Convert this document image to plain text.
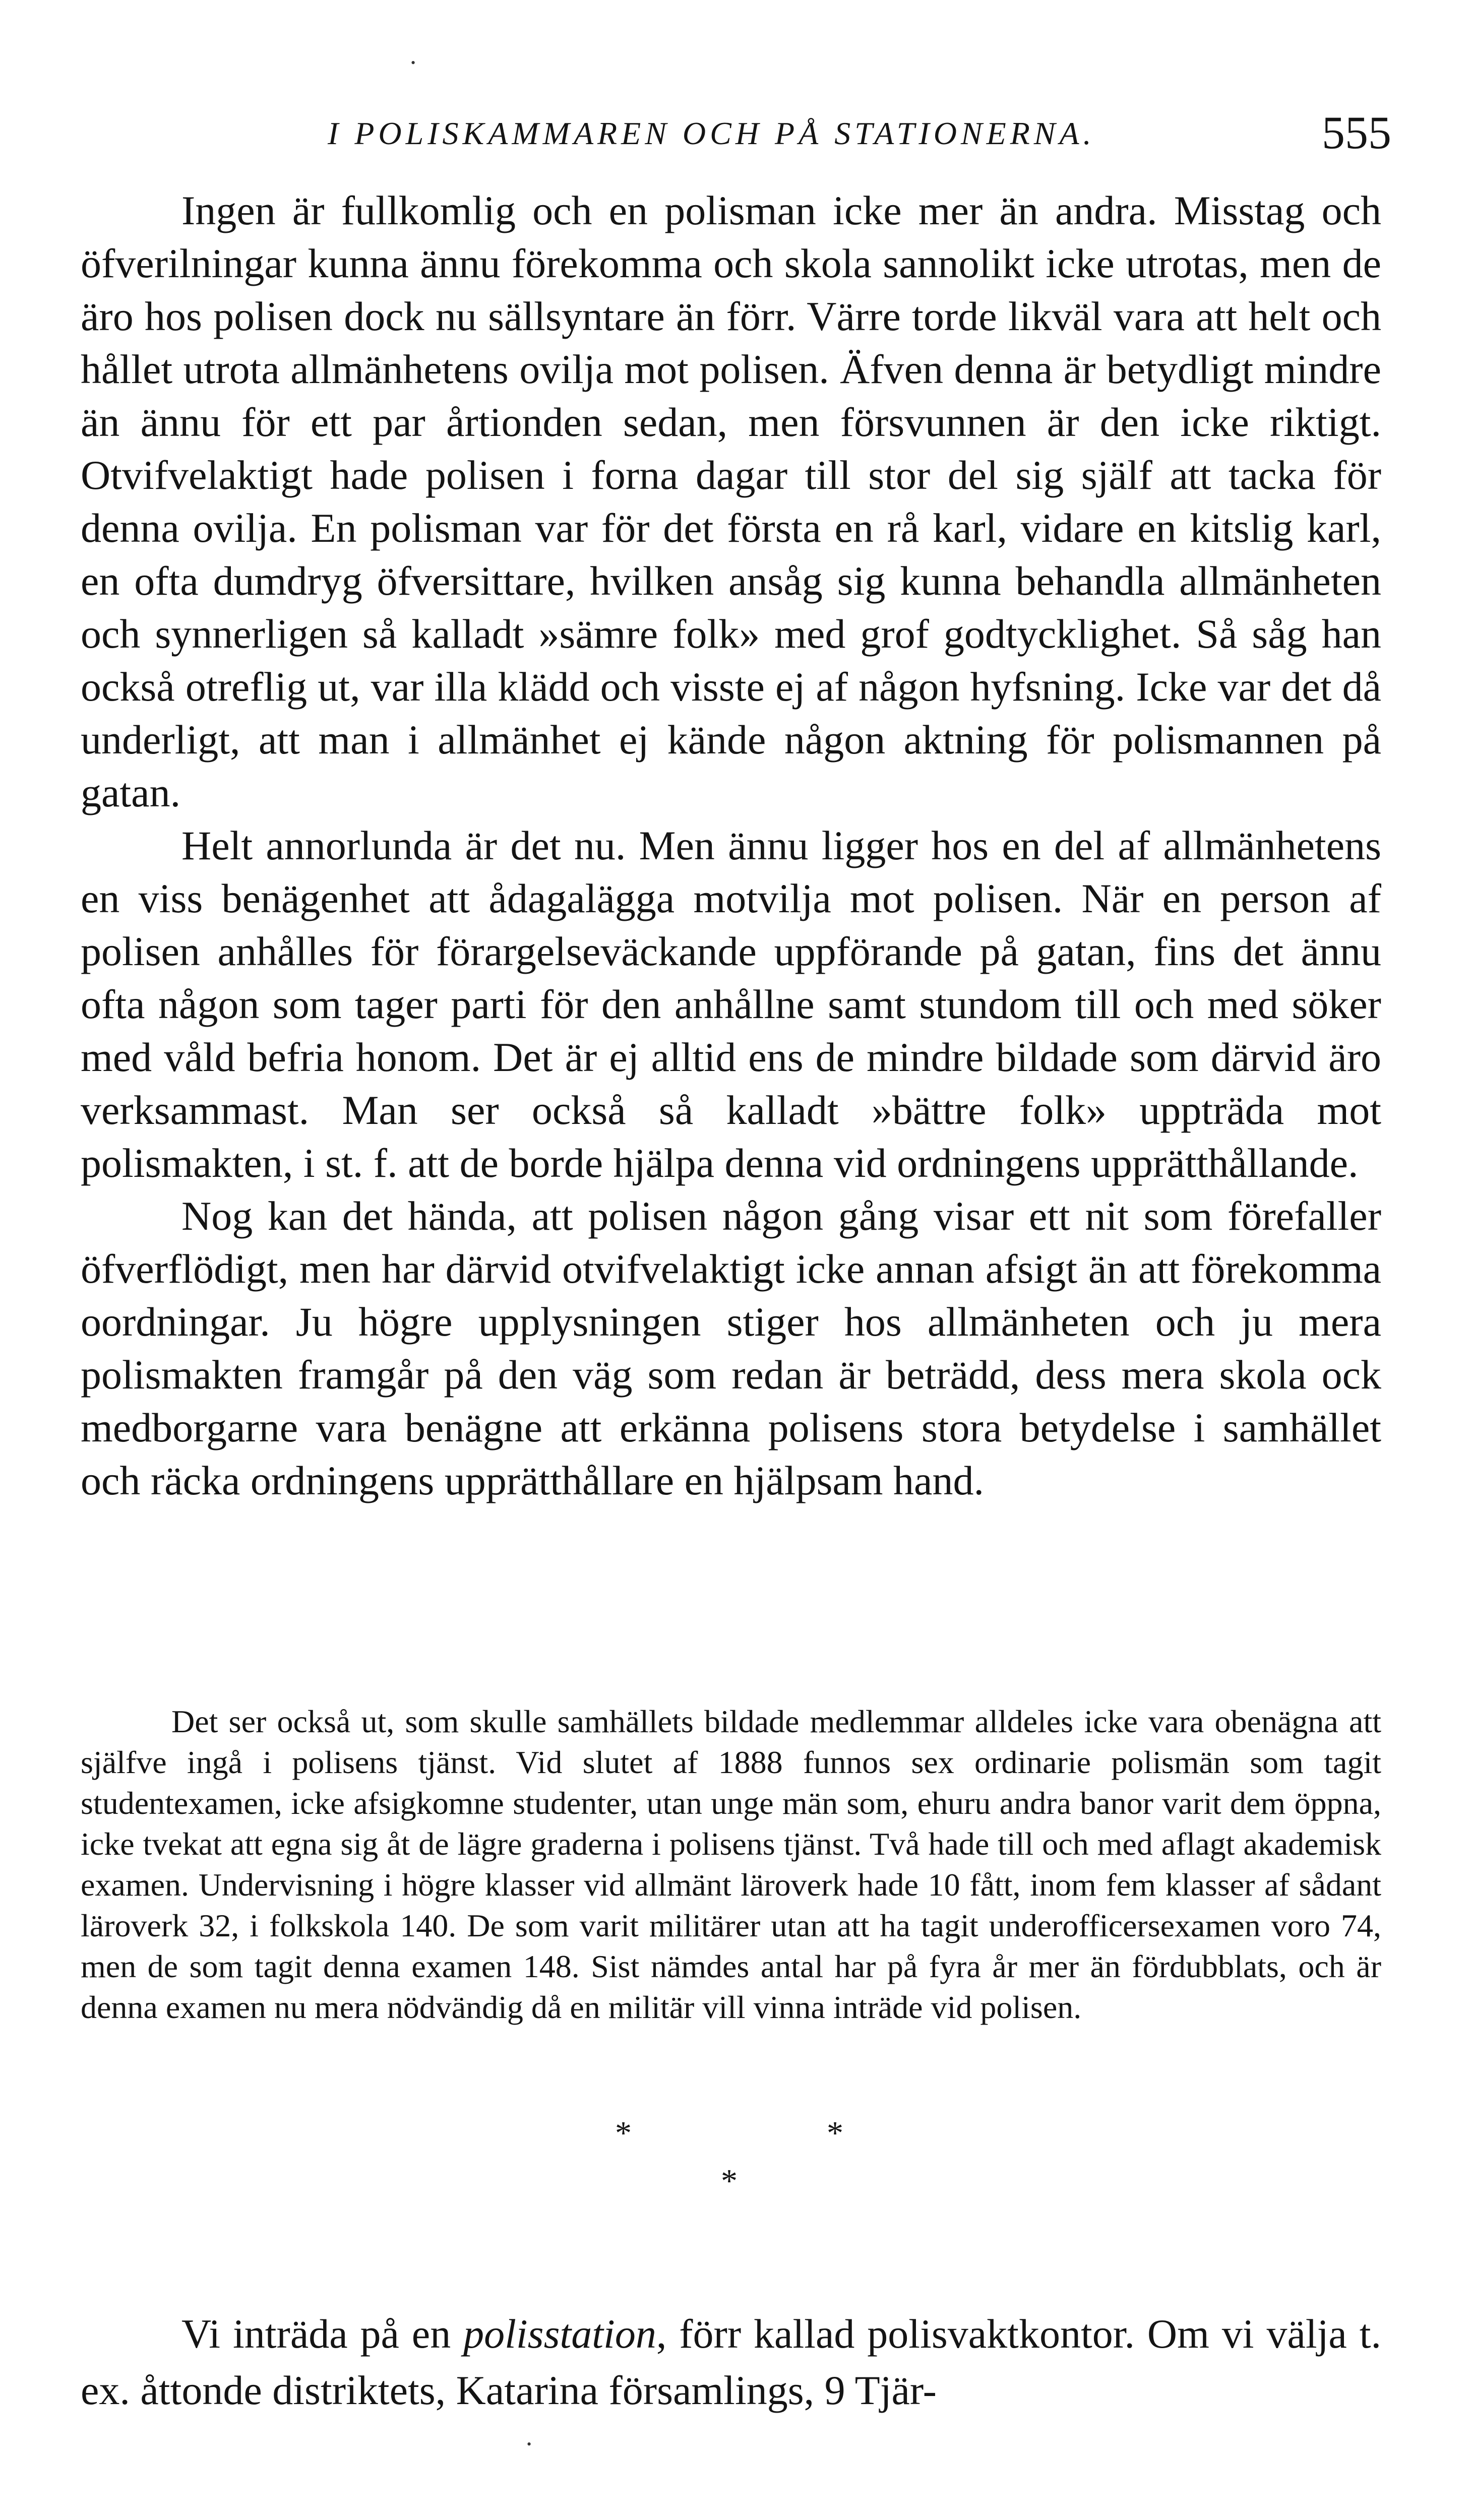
•
I POLISKAMMAREN OCH PÅ STATIONERNA.	555

Ingen är fullkomlig och en polisman icke mer än andra. Misstag och öfverilningar kunna ännu förekomma och skola sannolikt icke utrotas, men de äro hos polisen dock nu sällsyntare än förr. Värre torde likväl vara att helt och hållet utrota allmänhetens ovilja mot polisen. Äfven denna är betydligt mindre än ännu för ett par årtionden sedan, men försvunnen är den icke riktigt. Otvifvelaktigt hade polisen i forna dagar till stor del sig själf att tacka för denna ovilja. En polisman var för det första en rå karl, vidare en kitslig karl, en ofta dumdryg öfversittare, hvilken ansåg sig kunna behandla allmänheten och synnerligen så kalladt »sämre folk» med grof godtycklighet. Så såg han också otreflig ut, var illa klädd och visste ej af någon hyfsning. Icke var det då underligt, att man i allmänhet ej kände någon aktning för polismannen på gatan.

Helt annorlunda är det nu. Men ännu ligger hos en del af allmänhetens en viss benägenhet att ådagalägga motvilja mot polisen. När en person af polisen anhålles för förargelseväckande uppförande på gatan, fins det ännu ofta någon som tager parti för den anhållne samt stundom till och med söker med våld befria honom. Det är ej alltid ens de mindre bildade som därvid äro verksammast. Man ser också så kalladt »bättre folk» uppträda mot polismakten, i st. f. att de borde hjälpa denna vid ordningens upprätthållande.

Nog kan det hända, att polisen någon gång visar ett nit som förefaller öfverflödigt, men har därvid otvifvelaktigt icke annan afsigt än att förekomma oordningar. Ju högre upplysningen stiger hos allmänheten och ju mera polismakten framgår på den väg som redan är beträdd, dess mera skola ock medborgarne vara benägne att erkänna polisens stora betydelse i samhället och räcka ordningens upprätthållare en hjälpsam hand.

Det ser också ut, som skulle samhällets bildade medlemmar alldeles icke vara obenägna att själfve ingå i polisens tjänst. Vid slutet af 1888 funnos sex ordinarie polismän som tagit studentexamen, icke afsigkomne studenter, utan unge män som, ehuru andra banor varit dem öppna, icke tvekat att egna sig åt de lägre graderna i polisens tjänst. Två hade till och med aflagt akademisk examen. Undervisning i högre klasser vid allmänt läroverk hade 10 fått, inom fem klasser af sådant läroverk 32, i folkskola 140. De som varit militärer utan att ha tagit underofficersexamen voro 74, men de som tagit denna examen 148. Sist nämdes antal har på fyra år mer än fördubblats, och är denna examen nu mera nödvändig då en militär vill vinna inträde vid polisen.

*	*
*

Vi inträda på en polisstation, förr kallad polisvaktkontor. Om vi välja t. ex. åttonde distriktets, Katarina församlings, 9 Tjär-

•
